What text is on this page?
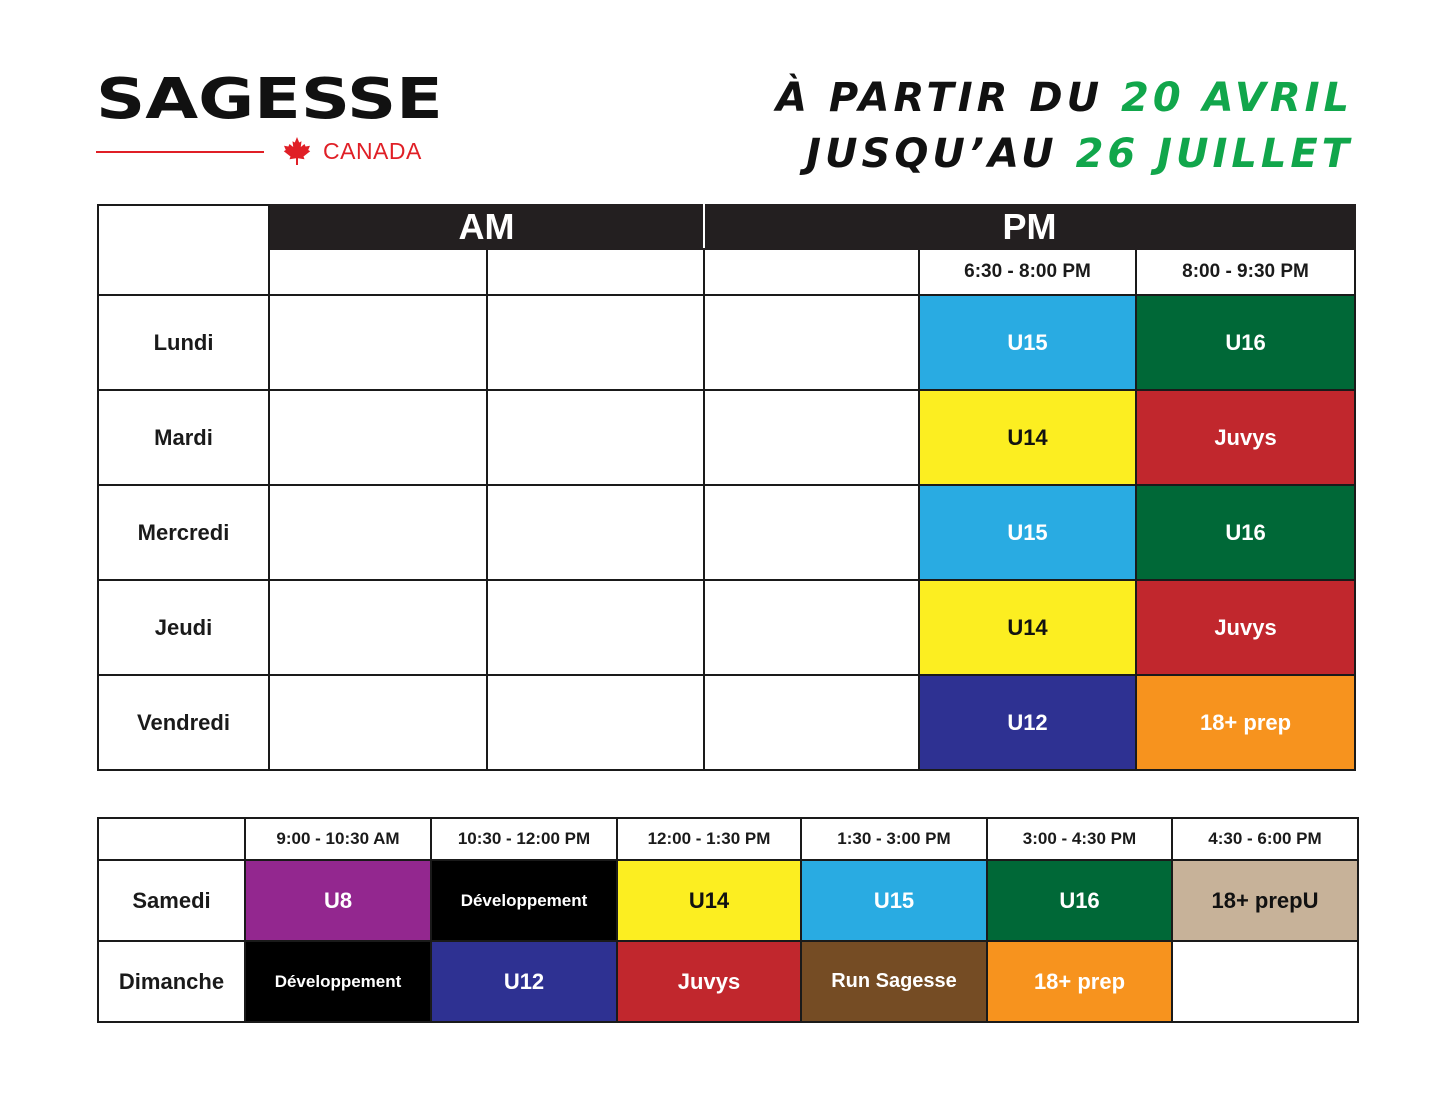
SAGESSE
CANADA
À PARTIR DU 20 AVRIL
JUSQU’AU 26 JUILLET
	AM		PM		
				6:30 - 8:00 PM	8:00 - 9:30 PM
Lundi				U15	U16
Mardi				U14	Juvys
Mercredi				U15	U16
Jeudi				U14	Juvys
Vendredi				U12	18+ prep
	9:00 - 10:30 AM	10:30 - 12:00 PM	12:00 - 1:30 PM	1:30 - 3:00 PM	3:00 - 4:30 PM	4:30 - 6:00 PM
Samedi	U8	Développement	U14	U15	U16	18+ prepU
Dimanche	Développement	U12	Juvys	Run Sagesse	18+ prep	
